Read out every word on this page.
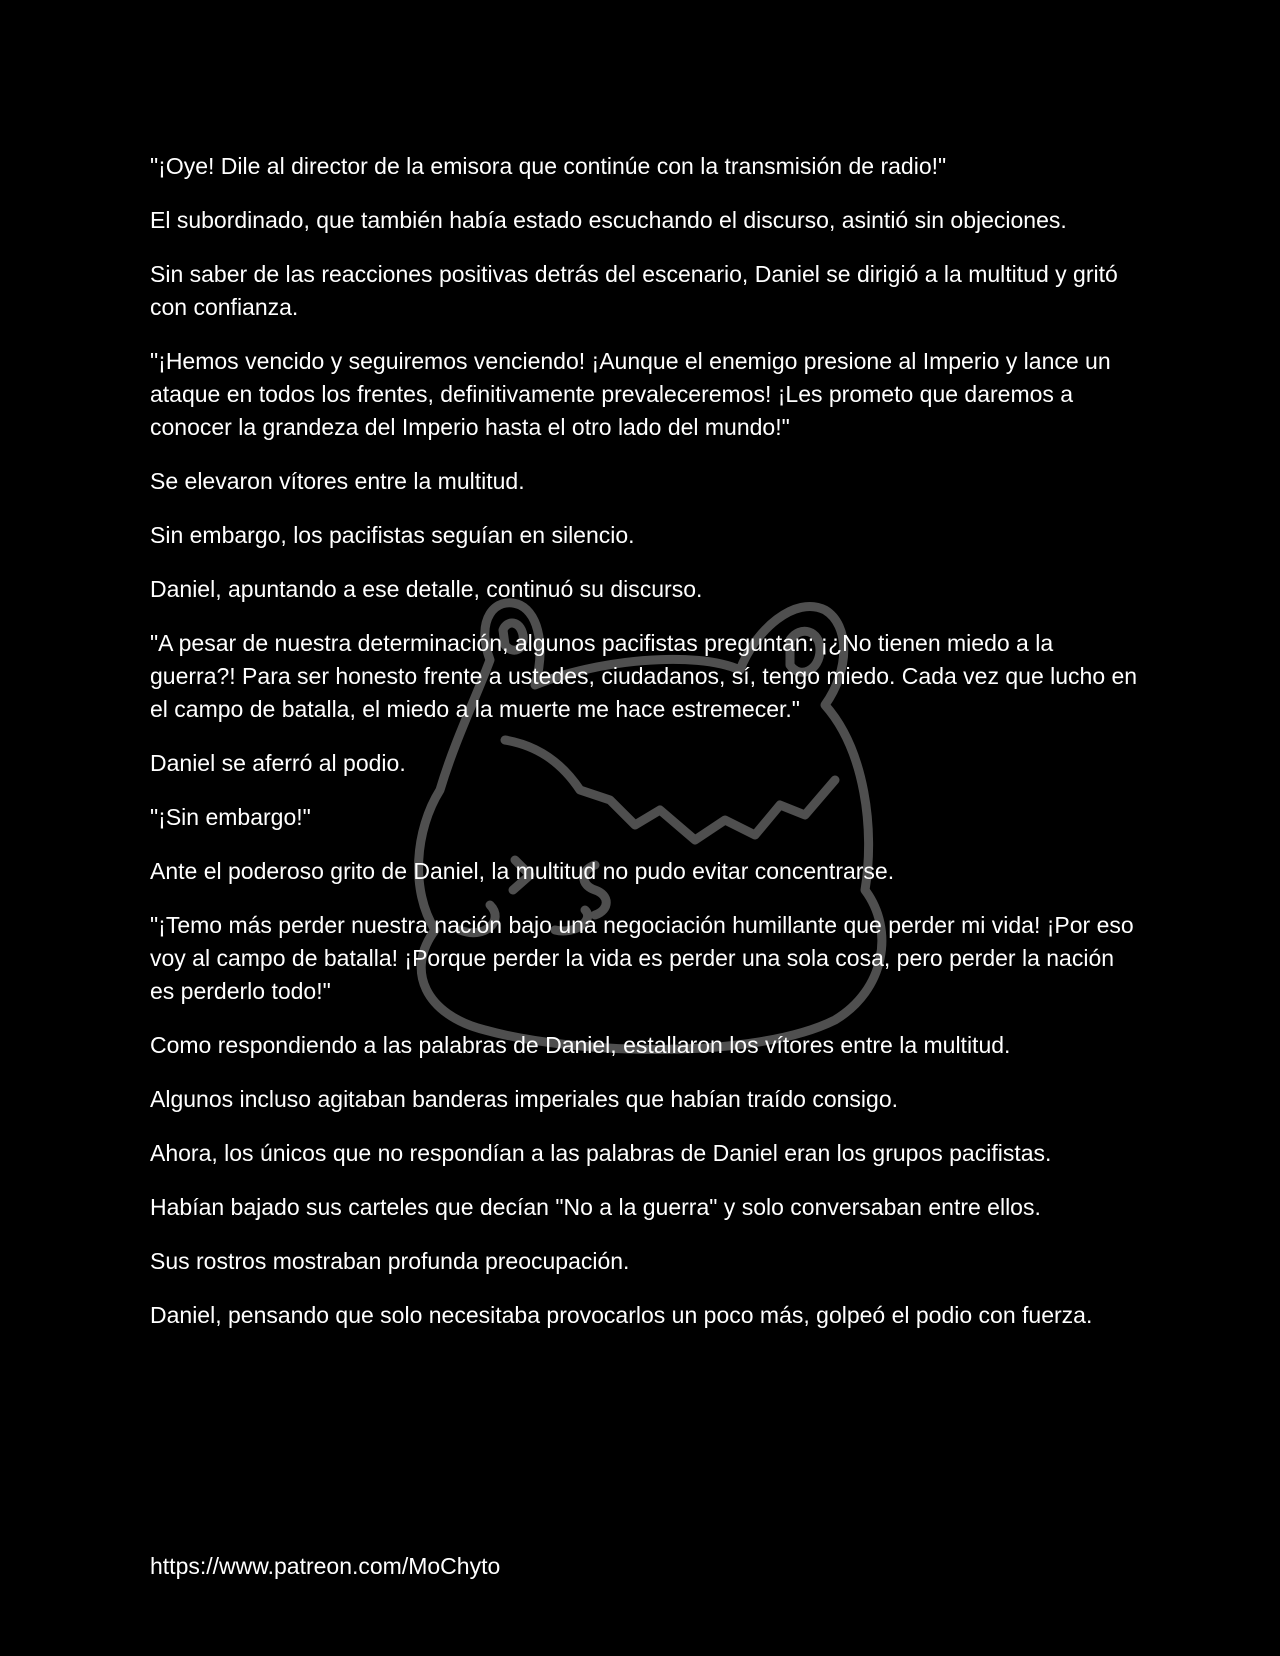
"¡Oye! Dile al director de la emisora que continúe con la transmisión de radio!"

El subordinado, que también había estado escuchando el discurso, asintió sin objeciones.

Sin saber de las reacciones positivas detrás del escenario, Daniel se dirigió a la multitud y gritó con confianza.

"¡Hemos vencido y seguiremos venciendo! ¡Aunque el enemigo presione al Imperio y lance un ataque en todos los frentes, definitivamente prevaleceremos! ¡Les prometo que daremos a conocer la grandeza del Imperio hasta el otro lado del mundo!"

Se elevaron vítores entre la multitud.

Sin embargo, los pacifistas seguían en silencio.

Daniel, apuntando a ese detalle, continuó su discurso.

"A pesar de nuestra determinación, algunos pacifistas preguntan: ¡¿No tienen miedo a la guerra?! Para ser honesto frente a ustedes, ciudadanos, sí, tengo miedo. Cada vez que lucho en el campo de batalla, el miedo a la muerte me hace estremecer."

Daniel se aferró al podio.

"¡Sin embargo!"

Ante el poderoso grito de Daniel, la multitud no pudo evitar concentrarse.

"¡Temo más perder nuestra nación bajo una negociación humillante que perder mi vida! ¡Por eso voy al campo de batalla! ¡Porque perder la vida es perder una sola cosa, pero perder la nación es perderlo todo!"

Como respondiendo a las palabras de Daniel, estallaron los vítores entre la multitud.

Algunos incluso agitaban banderas imperiales que habían traído consigo.

Ahora, los únicos que no respondían a las palabras de Daniel eran los grupos pacifistas.

Habían bajado sus carteles que decían "No a la guerra" y solo conversaban entre ellos.

Sus rostros mostraban profunda preocupación.

Daniel, pensando que solo necesitaba provocarlos un poco más, golpeó el podio con fuerza.

https://www.patreon.com/MoChyto
